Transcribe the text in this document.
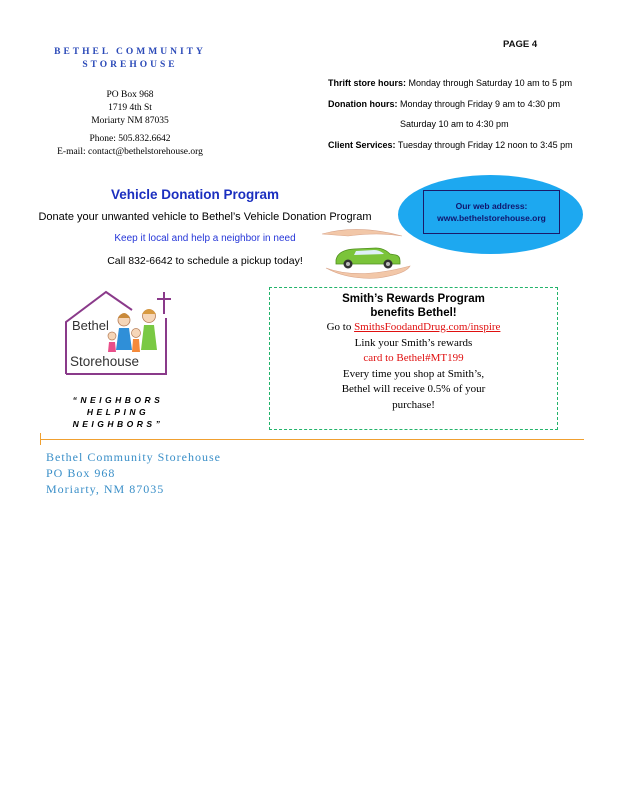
BETHEL COMMUNITY
STOREHOUSE
PAGE 4
PO Box 968
1719 4th St
Moriarty NM 87035
Phone: 505.832.6642
E-mail: contact@bethelstorehouse.org
Thrift store hours: Monday through Saturday 10 am to 5 pm
Donation hours: Monday through Friday 9 am to 4:30 pm
Saturday 10 am to 4:30 pm
Client Services: Tuesday through Friday 12 noon to 3:45 pm
Vehicle Donation Program
Donate your unwanted vehicle to Bethel’s Vehicle Donation Program
Keep it local and help a neighbor in need
Call 832-6642 to schedule a pickup today!
Our web address:
www.bethelstorehouse.org
Bethel
Storehouse
“NEIGHBORS
HELPING
NEIGHBORS”
Smith’s Rewards Program
benefits Bethel!
Go to SmithsFoodandDrug.com/inspire
Link your Smith’s rewards
card to Bethel#MT199
Every time you shop at Smith’s,
Bethel will receive 0.5% of your
purchase!
Bethel Community Storehouse
PO Box 968
Moriarty, NM 87035
